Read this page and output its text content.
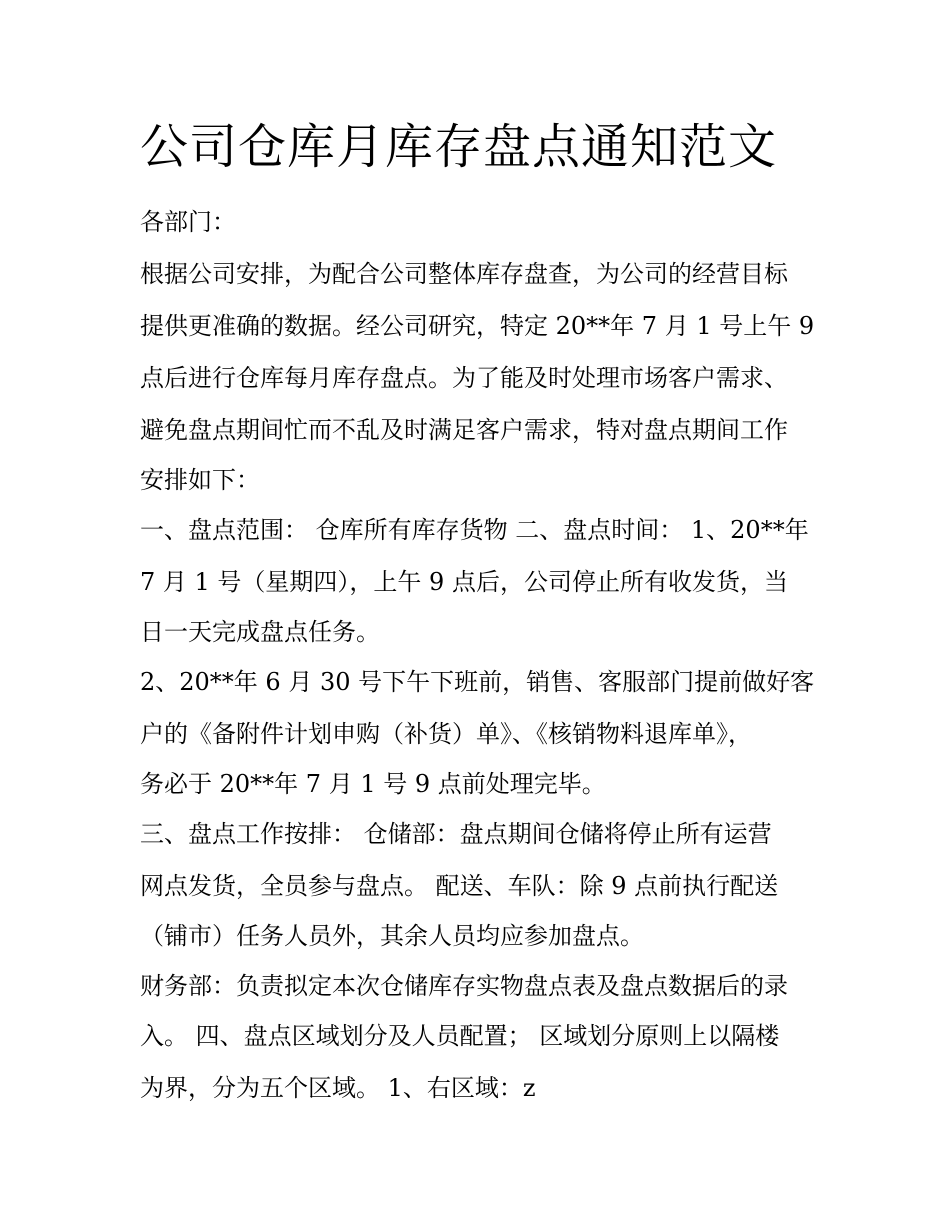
公司仓库月库存盘点通知范文

各部门：

根据公司安排，为配合公司整体库存盘查，为公司的经营目标

提供更准确的数据。经公司研究，特定 20**年 7 月 1 号上午 9

点后进行仓库每月库存盘点。为了能及时处理市场客户需求、

避免盘点期间忙而不乱及时满足客户需求，特对盘点期间工作

安排如下：

一、盘点范围： 仓库所有库存货物 二、盘点时间： 1、20**年

7 月 1 号（星期四），上午 9 点后，公司停止所有收发货，当

日一天完成盘点任务。

2、20**年 6 月 30 号下午下班前，销售、客服部门提前做好客

户的《备附件计划申购（补货）单》、《核销物料退库单》，

务必于 20**年 7 月 1 号 9 点前处理完毕。

三、盘点工作按排： 仓储部：盘点期间仓储将停止所有运营

网点发货，全员参与盘点。 配送、车队：除 9 点前执行配送

（铺市）任务人员外，其余人员均应参加盘点。

财务部：负责拟定本次仓储库存实物盘点表及盘点数据后的录

入。 四、盘点区域划分及人员配置； 区域划分原则上以隔楼

为界，分为五个区域。 1、右区域：z
